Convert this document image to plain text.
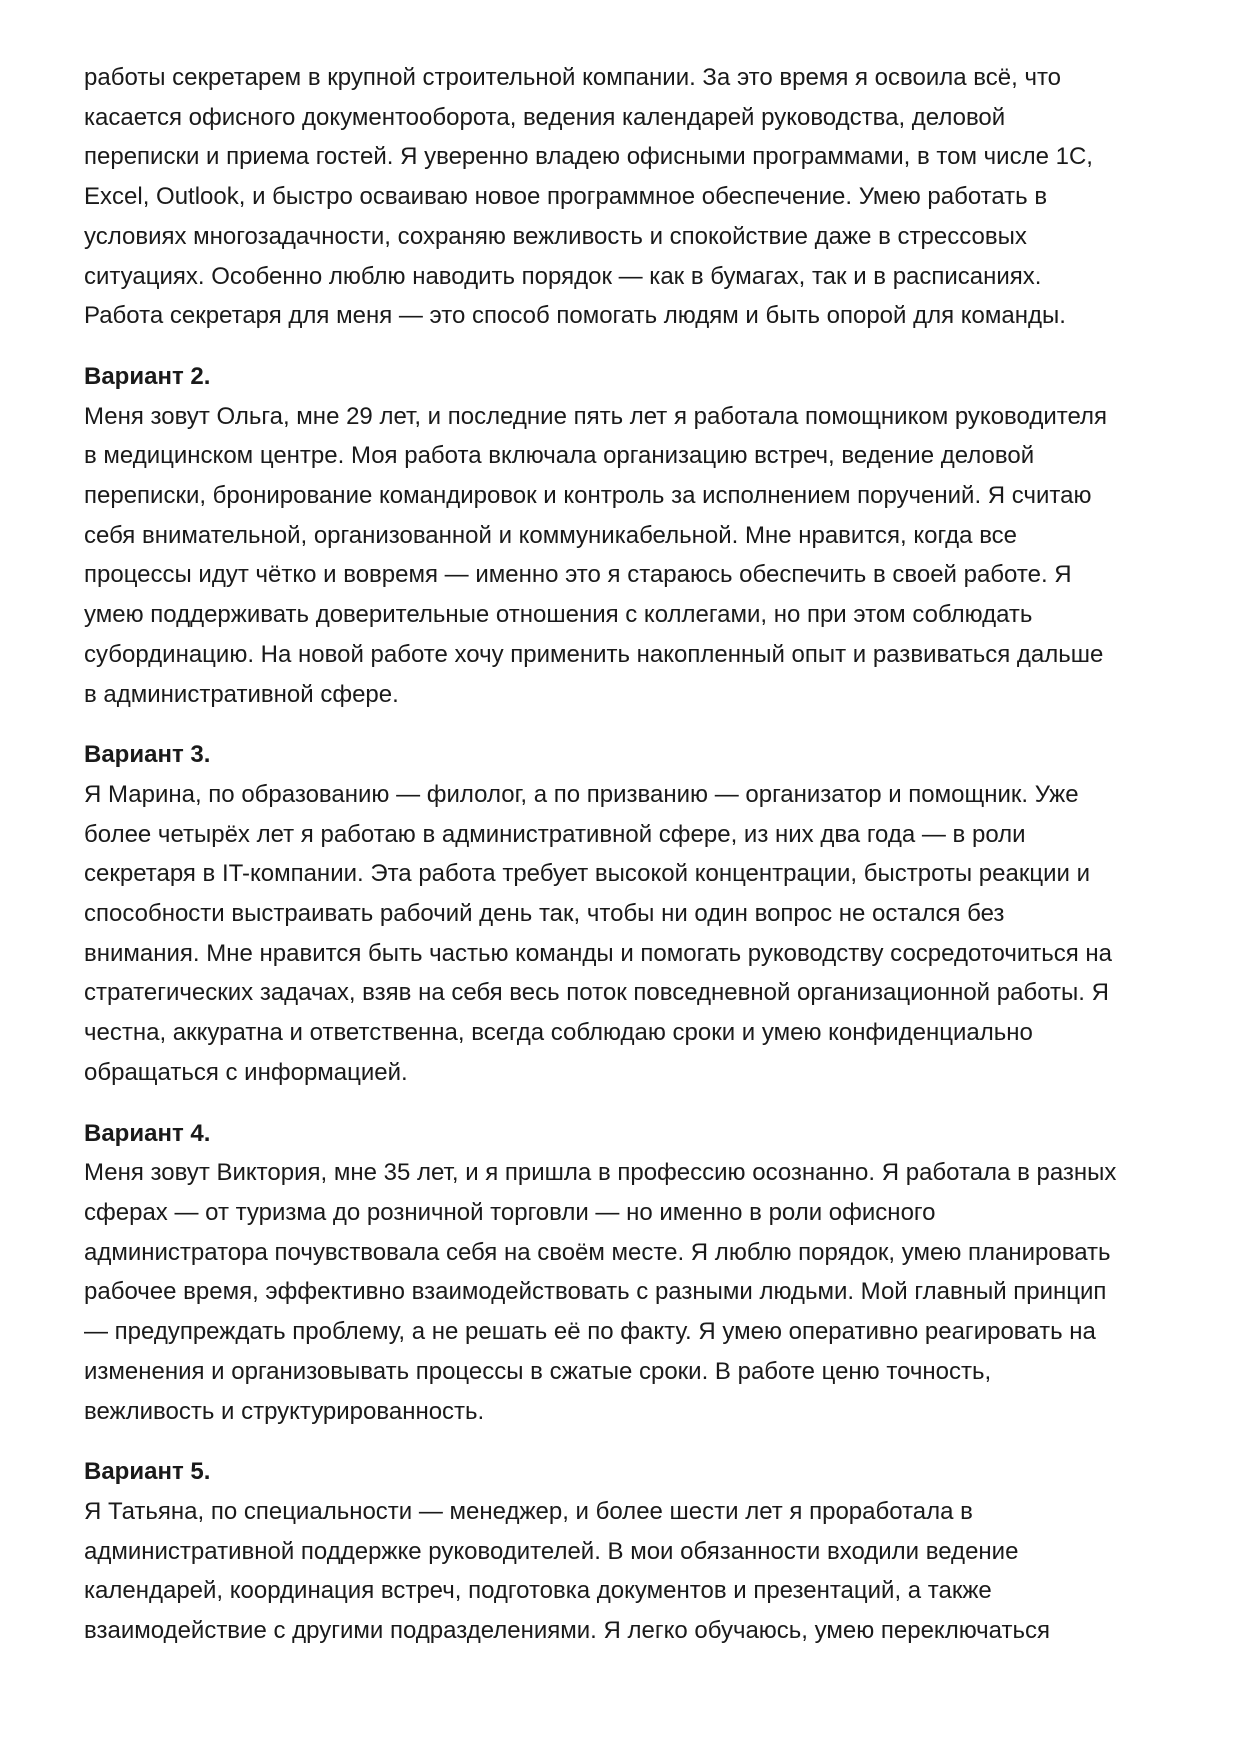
работы секретарем в крупной строительной компании. За это время я освоила всё, что
касается офисного документооборота, ведения календарей руководства, деловой
переписки и приема гостей. Я уверенно владею офисными программами, в том числе 1С,
Excel, Outlook, и быстро осваиваю новое программное обеспечение. Умею работать в
условиях многозадачности, сохраняю вежливость и спокойствие даже в стрессовых
ситуациях. Особенно люблю наводить порядок — как в бумагах, так и в расписаниях.
Работа секретаря для меня — это способ помогать людям и быть опорой для команды.
Вариант 2.
Меня зовут Ольга, мне 29 лет, и последние пять лет я работала помощником руководителя
в медицинском центре. Моя работа включала организацию встреч, ведение деловой
переписки, бронирование командировок и контроль за исполнением поручений. Я считаю
себя внимательной, организованной и коммуникабельной. Мне нравится, когда все
процессы идут чётко и вовремя — именно это я стараюсь обеспечить в своей работе. Я
умею поддерживать доверительные отношения с коллегами, но при этом соблюдать
субординацию. На новой работе хочу применить накопленный опыт и развиваться дальше
в административной сфере.
Вариант 3.
Я Марина, по образованию — филолог, а по призванию — организатор и помощник. Уже
более четырёх лет я работаю в административной сфере, из них два года — в роли
секретаря в IT-компании. Эта работа требует высокой концентрации, быстроты реакции и
способности выстраивать рабочий день так, чтобы ни один вопрос не остался без
внимания. Мне нравится быть частью команды и помогать руководству сосредоточиться на
стратегических задачах, взяв на себя весь поток повседневной организационной работы. Я
честна, аккуратна и ответственна, всегда соблюдаю сроки и умею конфиденциально
обращаться с информацией.
Вариант 4.
Меня зовут Виктория, мне 35 лет, и я пришла в профессию осознанно. Я работала в разных
сферах — от туризма до розничной торговли — но именно в роли офисного
администратора почувствовала себя на своём месте. Я люблю порядок, умею планировать
рабочее время, эффективно взаимодействовать с разными людьми. Мой главный принцип
— предупреждать проблему, а не решать её по факту. Я умею оперативно реагировать на
изменения и организовывать процессы в сжатые сроки. В работе ценю точность,
вежливость и структурированность.
Вариант 5.
Я Татьяна, по специальности — менеджер, и более шести лет я проработала в
административной поддержке руководителей. В мои обязанности входили ведение
календарей, координация встреч, подготовка документов и презентаций, а также
взаимодействие с другими подразделениями. Я легко обучаюсь, умею переключаться
